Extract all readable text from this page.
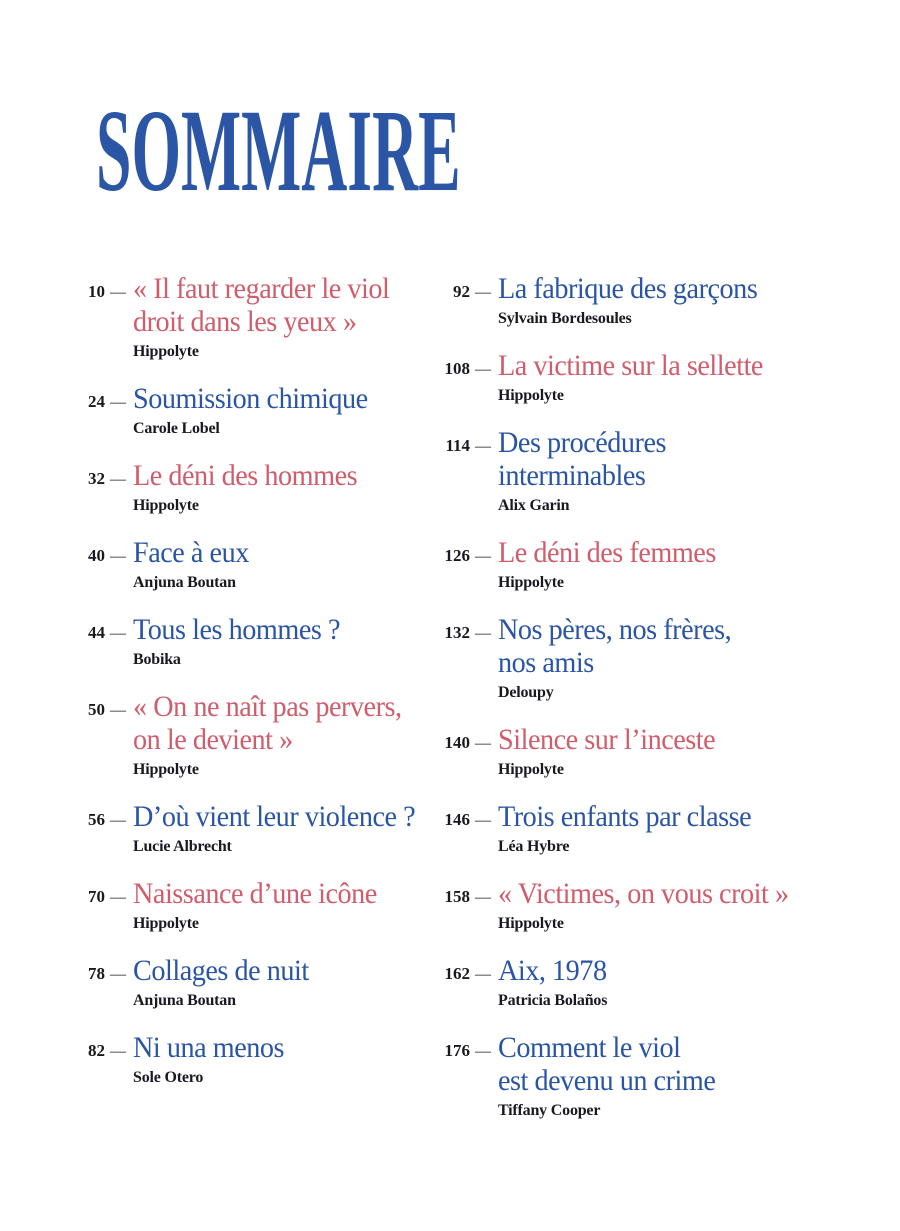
SOMMAIRE
10 — « Il faut regarder le viol
droit dans les yeux »
Hippolyte
24 — Soumission chimique
Carole Lobel
32 — Le déni des hommes
Hippolyte
40 — Face à eux
Anjuna Boutan
44 — Tous les hommes ?
Bobika
50 — « On ne naît pas pervers,
on le devient »
Hippolyte
56 — D’où vient leur violence ?
Lucie Albrecht
70 — Naissance d’une icône
Hippolyte
78 — Collages de nuit
Anjuna Boutan
82 — Ni una menos
Sole Otero
92 — La fabrique des garçons
Sylvain Bordesoules
108 — La victime sur la sellette
Hippolyte
114 — Des procédures
interminables
Alix Garin
126 — Le déni des femmes
Hippolyte
132 — Nos pères, nos frères,
nos amis
Deloupy
140 — Silence sur l’inceste
Hippolyte
146 — Trois enfants par classe
Léa Hybre
158 — « Victimes, on vous croit »
Hippolyte
162 — Aix, 1978
Patricia Bolaños
176 — Comment le viol
est devenu un crime
Tiffany Cooper
